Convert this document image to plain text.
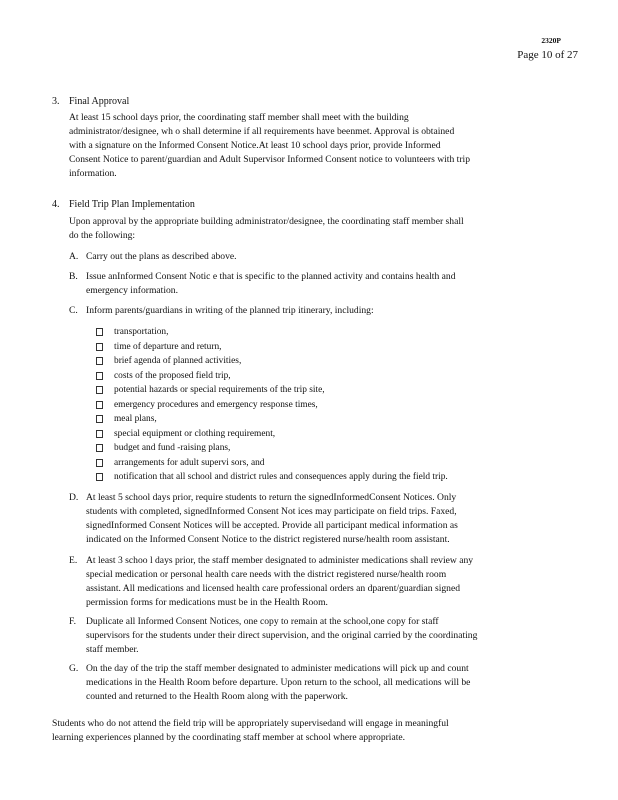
2320P
Page 10 of 27
3. Final Approval
At least 15 school days prior, the coordinating staff member shall meet with the building
administrator/designee, wh o shall determine if all requirements have beenmet. Approval is obtained
with a signature on the Informed Consent Notice.At least 10 school days prior, provide Informed
Consent Notice to parent/guardian and Adult Supervisor Informed Consent notice to volunteers with trip
information.
4. Field Trip Plan Implementation
Upon approval by the appropriate building administrator/designee, the coordinating staff member shall
do the following:
A. Carry out the plans as described above.
B. Issue anInformed Consent Notic e that is specific to the planned activity and contains health and
emergency information.
C. Inform parents/guardians in writing of the planned trip itinerary, including:
transportation,
time of departure and return,
brief agenda of planned activities,
costs of the proposed field trip,
potential hazards or special requirements of the trip site,
emergency procedures and emergency response times,
meal plans,
special equipment or clothing requirement,
budget and fund -raising plans,
arrangements for adult supervi sors, and
notification that all school and district rules and consequences apply during the field trip.
D. At least 5 school days prior, require students to return the signedInformedConsent Notices. Only
students with completed, signedInformed Consent Not ices may participate on field trips. Faxed,
signedInformed Consent Notices will be accepted. Provide all participant medical information as
indicated on the Informed Consent Notice to the district registered nurse/health room assistant.
E. At least 3 schoo l days prior, the staff member designated to administer medications shall review any
special medication or personal health care needs with the district registered nurse/health room
assistant. All medications and licensed health care professional orders an dparent/guardian signed
permission forms for medications must be in the Health Room.
F. Duplicate all Informed Consent Notices, one copy to remain at the school,one copy for staff
supervisors for the students under their direct supervision, and the original carried by the coordinating
staff member.
G. On the day of the trip the staff member designated to administer medications will pick up and count
medications in the Health Room before departure. Upon return to the school, all medications will be
counted and returned to the Health Room along with the paperwork.
Students who do not attend the field trip will be appropriately supervisedand will engage in meaningful
learning experiences planned by the coordinating staff member at school where appropriate.
